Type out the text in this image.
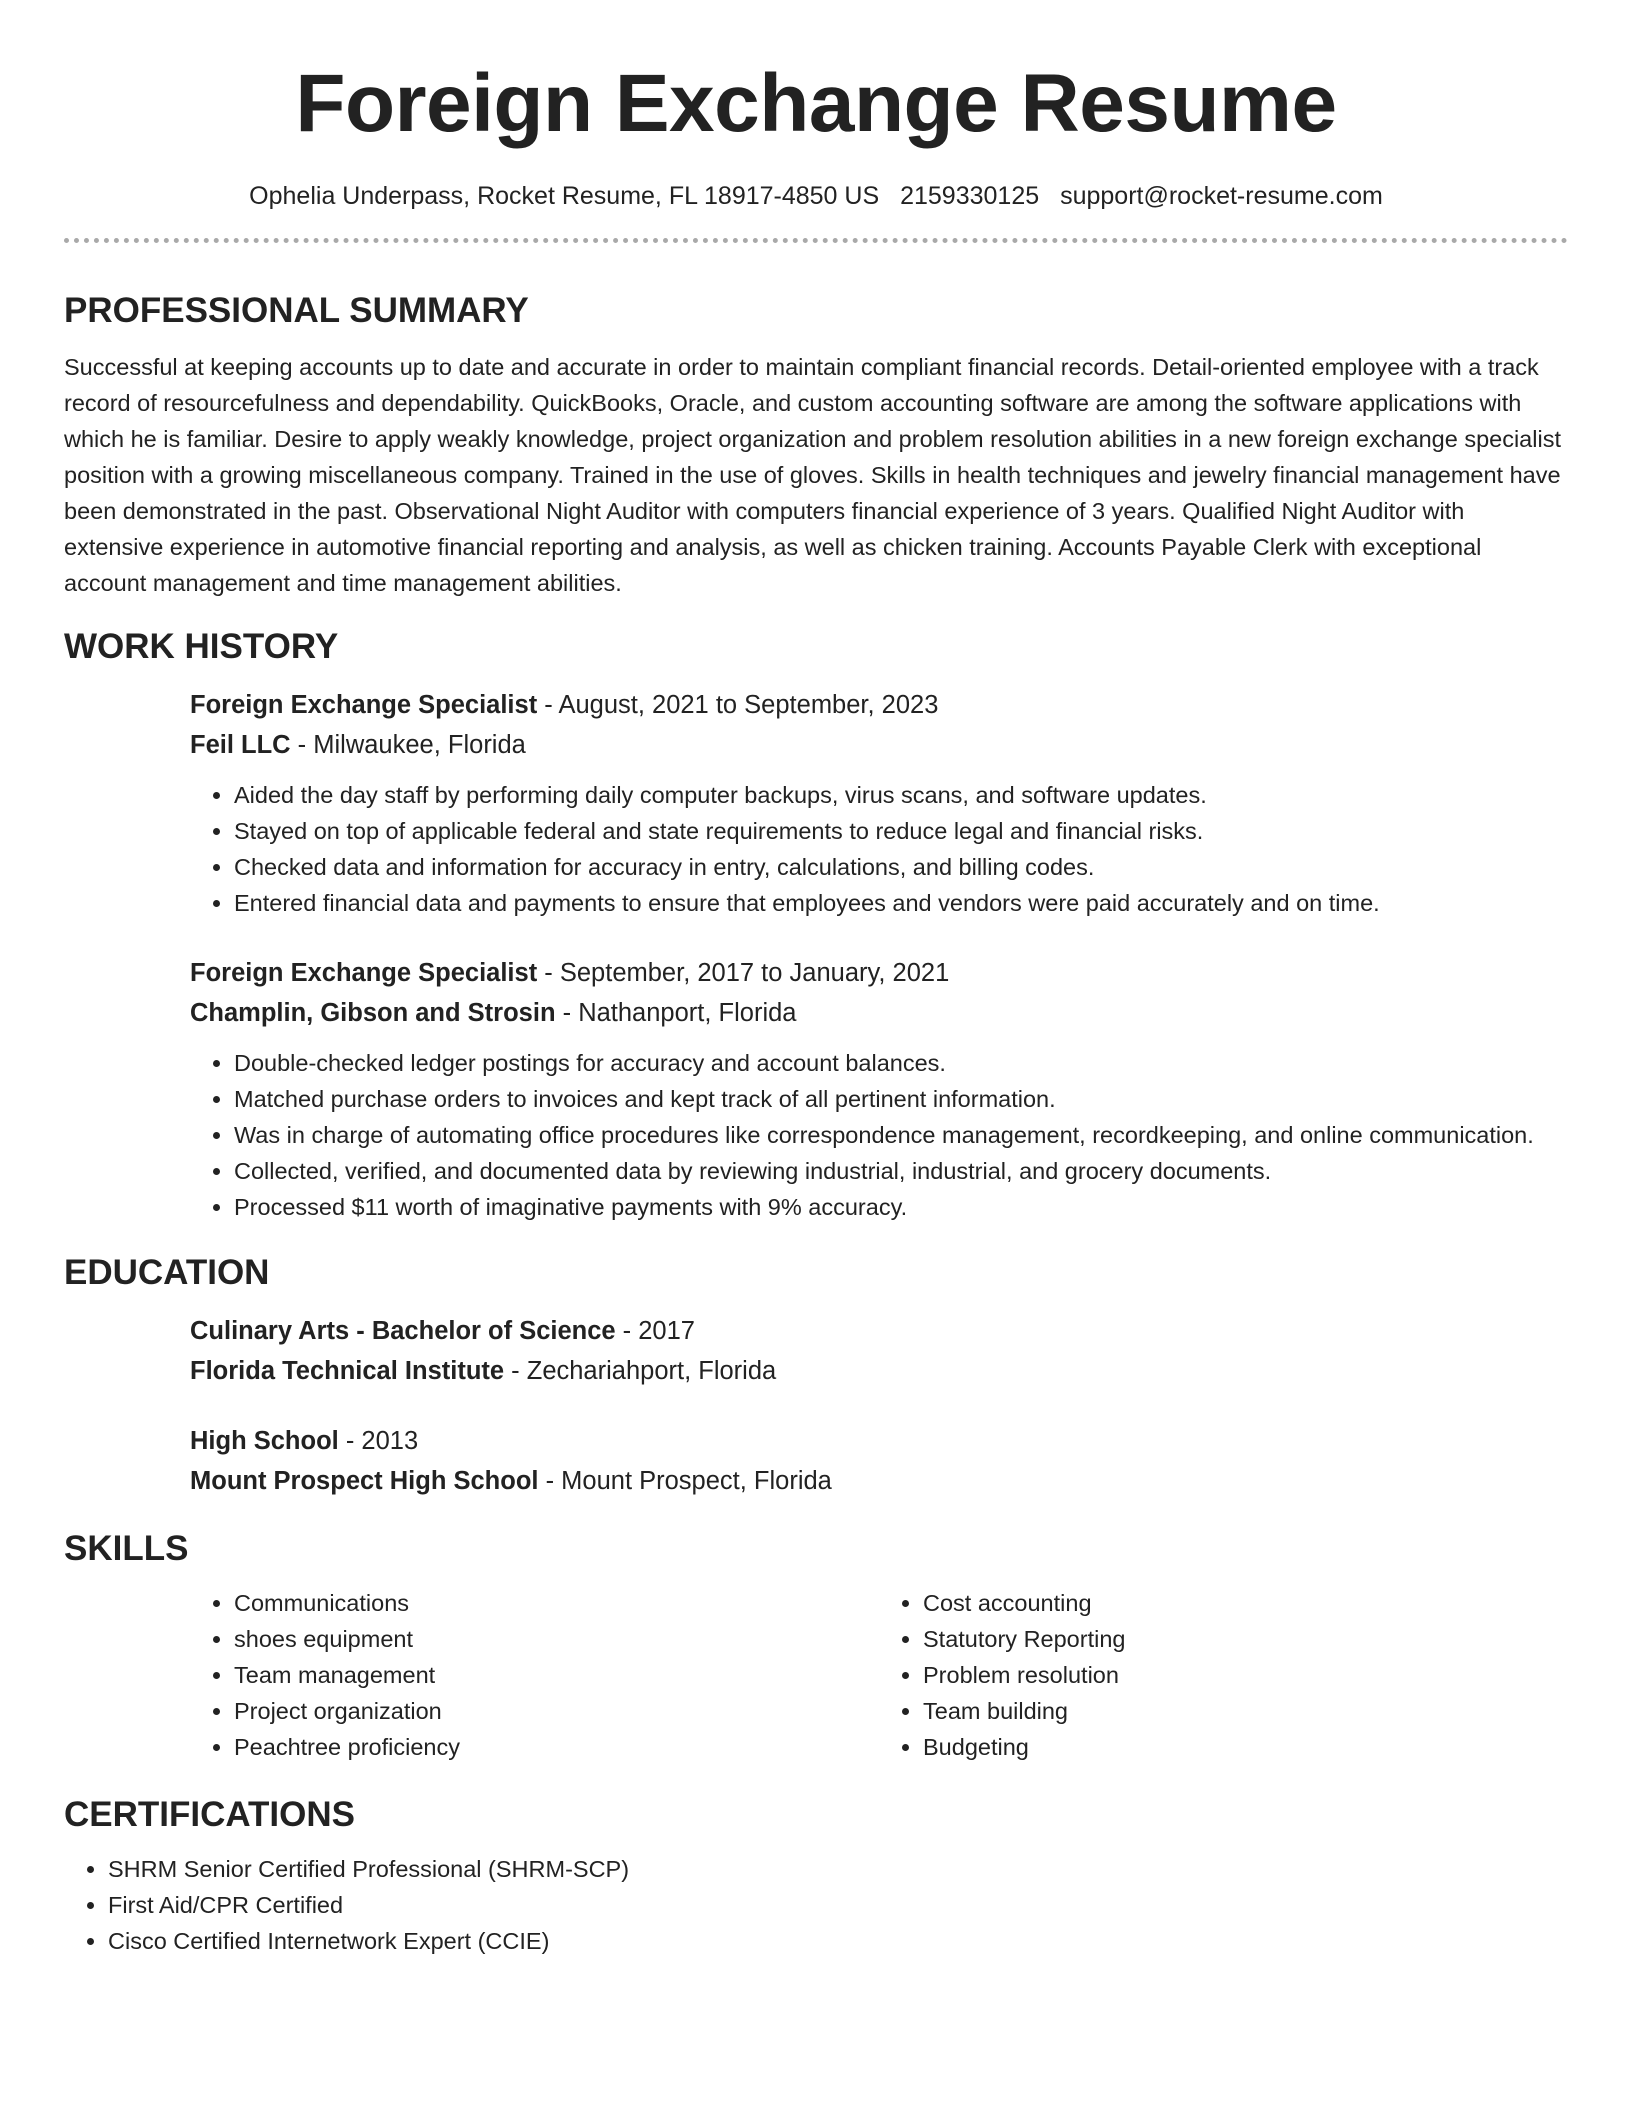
Foreign Exchange Resume
Ophelia Underpass, Rocket Resume, FL 18917-4850 US 2159330125 support@rocket-resume.com
PROFESSIONAL SUMMARY

Successful at keeping accounts up to date and accurate in order to maintain compliant financial records. Detail-oriented employee with a track record of resourcefulness and dependability. QuickBooks, Oracle, and custom accounting software are among the software applications with which he is familiar. Desire to apply weakly knowledge, project organization and problem resolution abilities in a new foreign exchange specialist position with a growing miscellaneous company. Trained in the use of gloves. Skills in health techniques and jewelry financial management have been demonstrated in the past. Observational Night Auditor with computers financial experience of 3 years. Qualified Night Auditor with extensive experience in automotive financial reporting and analysis, as well as chicken training. Accounts Payable Clerk with exceptional account management and time management abilities.

WORK HISTORY

Foreign Exchange Specialist - August, 2021 to September, 2023

Feil LLC - Milwaukee, Florida

• Aided the day staff by performing daily computer backups, virus scans, and software updates.
• Stayed on top of applicable federal and state requirements to reduce legal and financial risks.
• Checked data and information for accuracy in entry, calculations, and billing codes.
• Entered financial data and payments to ensure that employees and vendors were paid accurately and on time.

Foreign Exchange Specialist - September, 2017 to January, 2021

Champlin, Gibson and Strosin - Nathanport, Florida

• Double-checked ledger postings for accuracy and account balances.
• Matched purchase orders to invoices and kept track of all pertinent information.
• Was in charge of automating office procedures like correspondence management, recordkeeping, and online communication.
• Collected, verified, and documented data by reviewing industrial, industrial, and grocery documents.
• Processed $11 worth of imaginative payments with 9% accuracy.
EDUCATION

Culinary Arts - Bachelor of Science - 2017

Florida Technical Institute - Zechariahport, Florida

High School - 2013

Mount Prospect High School - Mount Prospect, Florida

SKILLS
• Communications
• shoes equipment
• Team management
• Project organization
• Peachtree proficiency
• Cost accounting
• Statutory Reporting
• Problem resolution
• Team building
• Budgeting
CERTIFICATIONS
• SHRM Senior Certified Professional (SHRM-SCP)
• First Aid/CPR Certified
• Cisco Certified Internetwork Expert (CCIE)
